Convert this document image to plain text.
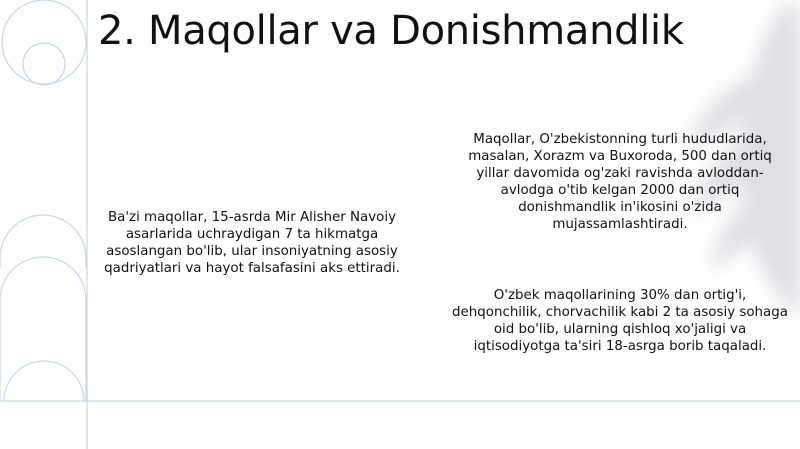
2. Maqollar va Donishmandlik

Ba'zi maqollar, 15-asrda Mir Alisher Navoiy asarlarida uchraydigan 7 ta hikmatga asoslangan bo'lib, ular insoniyatning asosiy qadriyatlari va hayot falsafasini aks ettiradi.

Maqollar, O'zbekistonning turli hududlarida, masalan, Xorazm va Buxoroda, 500 dan ortiq yillar davomida og'zaki ravishda avloddan-avlodga o'tib kelgan 2000 dan ortiq donishmandlik in'ikosini o'zida mujassamlashtiradi.

O'zbek maqollarining 30% dan ortig'i, dehqonchilik, chorvachilik kabi 2 ta asosiy sohaga oid bo'lib, ularning qishloq xo'jaligi va iqtisodiyotga ta'siri 18-asrga borib taqaladi.
